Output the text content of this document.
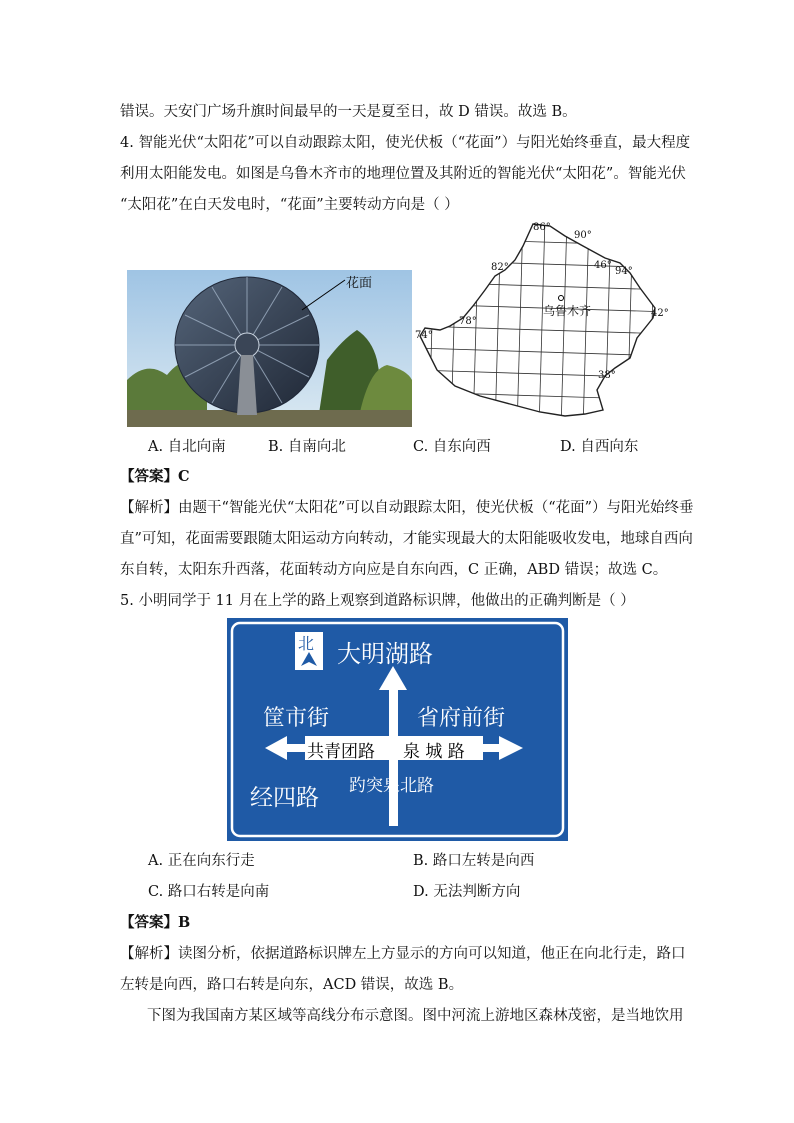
错误。天安门广场升旗时间最早的一天是夏至日，故 D 错误。故选 B。
4. 智能光伏“太阳花”可以自动跟踪太阳，使光伏板（“花面”）与阳光始终垂直，最大程度
利用太阳能发电。如图是乌鲁木齐市的地理位置及其附近的智能光伏“太阳花”。智能光伏
“太阳花”在白天发电时，“花面”主要转动方向是（ ）
花面
乌鲁木齐
74°
78°
82°
86°
90°
94°
38°
42°
46°
A. 自北向南	B. 自南向北	C. 自东向西	D. 自西向东
【答案】C
【解析】由题干“智能光伏“太阳花”可以自动跟踪太阳，使光伏板（“花面”）与阳光始终垂
直”可知，花面需要跟随太阳运动方向转动，才能实现最大的太阳能吸收发电，地球自西向
东自转，太阳东升西落，花面转动方向应是自东向西，C 正确，ABD 错误；故选 C。
5. 小明同学于 11 月在上学的路上观察到道路标识牌，他做出的正确判断是（ ）
北 大明湖路
筐市街	省府前街
共青团路 泉 城 路
经四路 趵突泉北路
A. 正在向东行走	B. 路口左转是向西
C. 路口右转是向南	D. 无法判断方向
【答案】B
【解析】读图分析，依据道路标识牌左上方显示的方向可以知道，他正在向北行走，路口
左转是向西，路口右转是向东，ACD 错误，故选 B。
下图为我国南方某区域等高线分布示意图。图中河流上游地区森林茂密，是当地饮用
